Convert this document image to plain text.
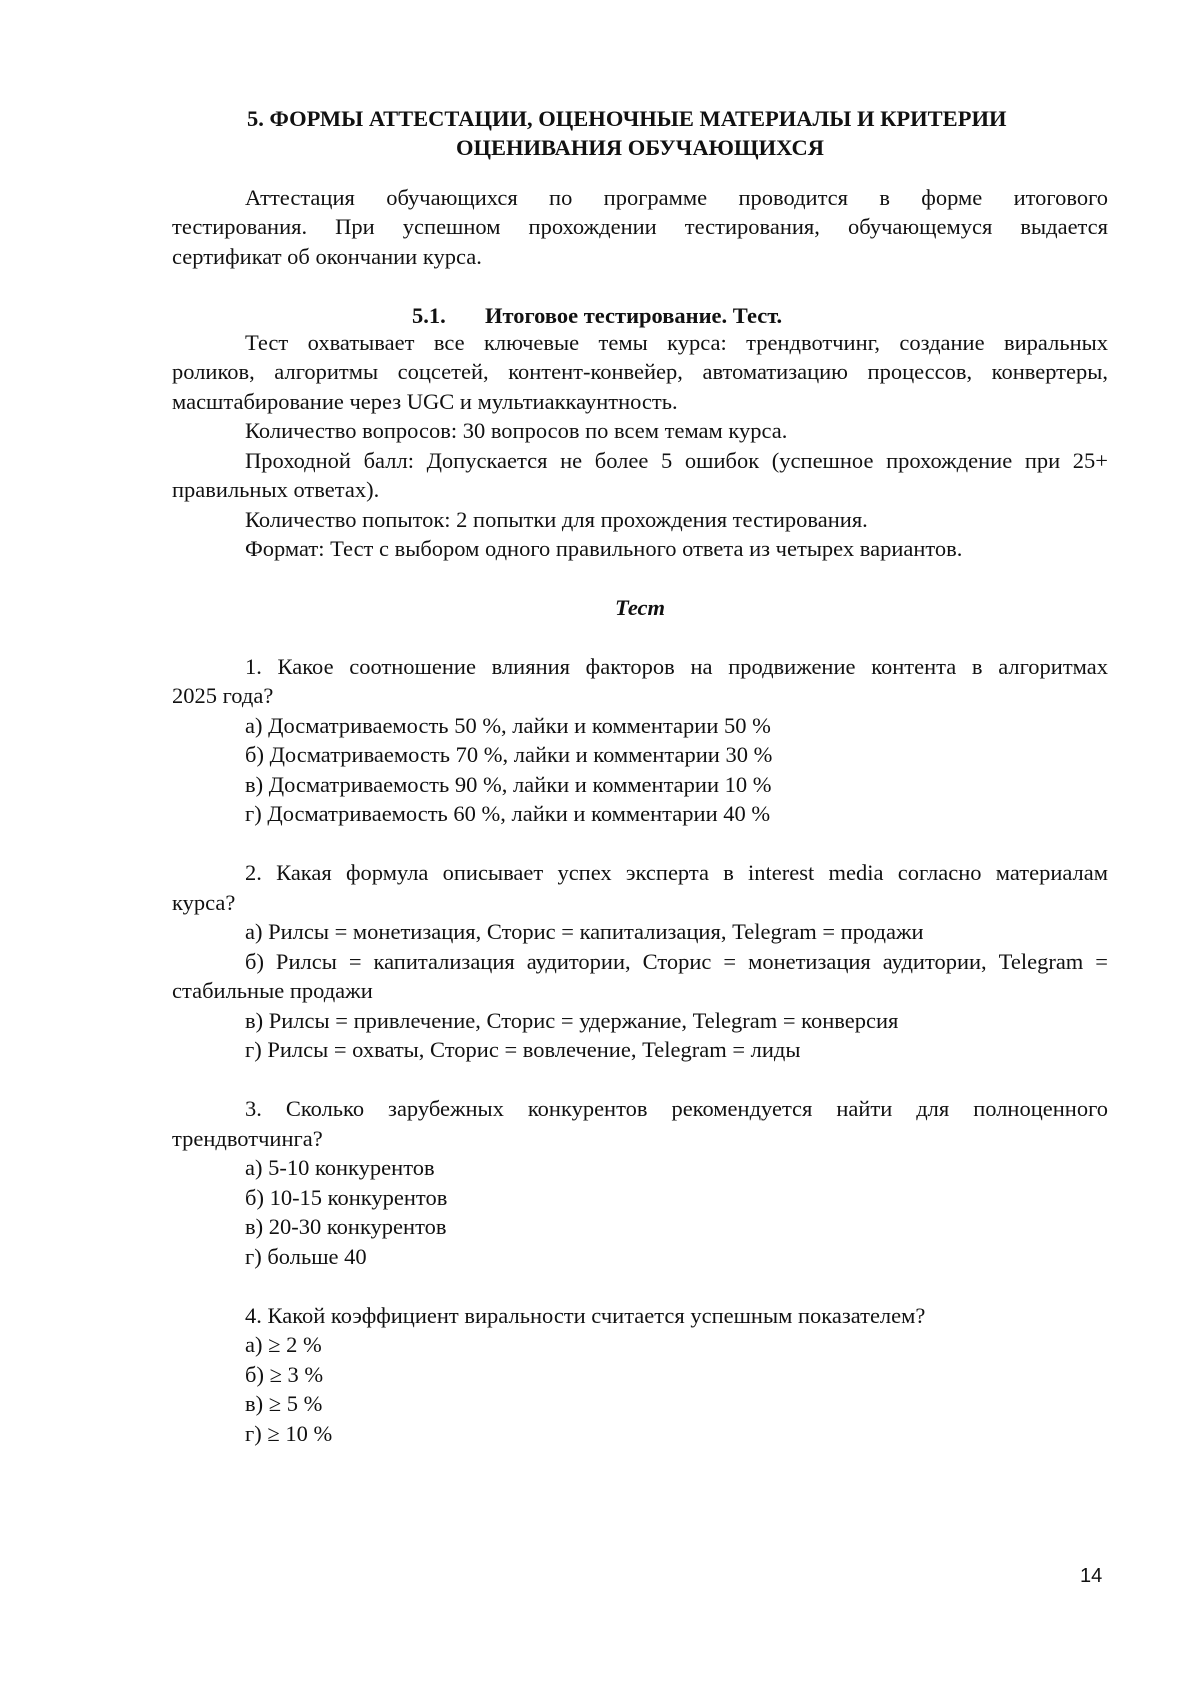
5. ФОРМЫ АТТЕСТАЦИИ, ОЦЕНОЧНЫЕ МАТЕРИАЛЫ И КРИТЕРИИ
ОЦЕНИВАНИЯ ОБУЧАЮЩИХСЯ
Аттестация обучающихся по программе проводится в форме итогового
тестирования. При успешном прохождении тестирования, обучающемуся выдается
сертификат об окончании курса.
5.1. Итоговое тестирование. Тест.
Тест охватывает все ключевые темы курса: трендвотчинг, создание виральных
роликов, алгоритмы соцсетей, контент-конвейер, автоматизацию процессов, конвертеры,
масштабирование через UGC и мультиаккаунтность.
Количество вопросов: 30 вопросов по всем темам курса.
Проходной балл: Допускается не более 5 ошибок (успешное прохождение при 25+
правильных ответах).
Количество попыток: 2 попытки для прохождения тестирования.
Формат: Тест с выбором одного правильного ответа из четырех вариантов.
Тест
1. Какое соотношение влияния факторов на продвижение контента в алгоритмах
2025 года?
а) Досматриваемость 50 %, лайки и комментарии 50 %
б) Досматриваемость 70 %, лайки и комментарии 30 %
в) Досматриваемость 90 %, лайки и комментарии 10 %
г) Досматриваемость 60 %, лайки и комментарии 40 %
2. Какая формула описывает успех эксперта в interest media согласно материалам
курса?
а) Рилсы = монетизация, Сторис = капитализация, Telegram = продажи
б) Рилсы = капитализация аудитории, Сторис = монетизация аудитории, Telegram =
стабильные продажи
в) Рилсы = привлечение, Сторис = удержание, Telegram = конверсия
г) Рилсы = охваты, Сторис = вовлечение, Telegram = лиды
3. Сколько зарубежных конкурентов рекомендуется найти для полноценного
трендвотчинга?
а) 5-10 конкурентов
б) 10-15 конкурентов
в) 20-30 конкурентов
г) больше 40
4. Какой коэффициент виральности считается успешным показателем?
а) ≥ 2 %
б) ≥ 3 %
в) ≥ 5 %
г) ≥ 10 %
14
